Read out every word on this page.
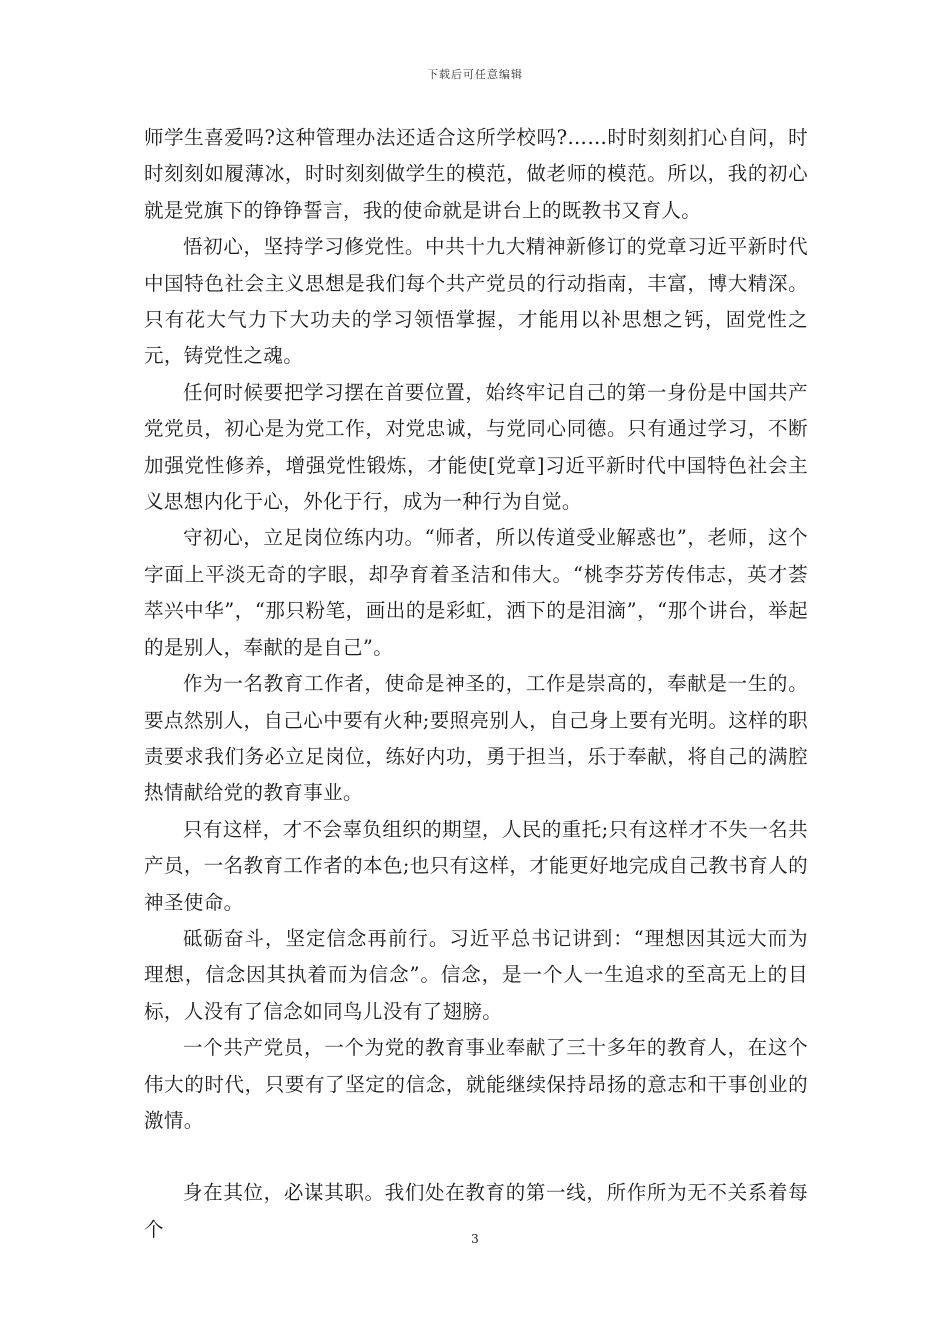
下载后可任意编辑

师学生喜爱吗?这种管理办法还适合这所学校吗?……时时刻刻扪心自问，时时刻刻如履薄冰，时时刻刻做学生的模范，做老师的模范。所以，我的初心就是党旗下的铮铮誓言，我的使命就是讲台上的既教书又育人。

悟初心，坚持学习修党性。中共十九大精神新修订的党章习近平新时代中国特色社会主义思想是我们每个共产党员的行动指南，丰富，博大精深。只有花大气力下大功夫的学习领悟掌握，才能用以补思想之钙，固党性之元，铸党性之魂。

任何时候要把学习摆在首要位置，始终牢记自己的第一身份是中国共产党党员，初心是为党工作，对党忠诚，与党同心同德。只有通过学习，不断加强党性修养，增强党性锻炼，才能使[党章]习近平新时代中国特色社会主义思想内化于心，外化于行，成为一种行为自觉。

守初心，立足岗位练内功。“师者，所以传道受业解惑也”，老师，这个字面上平淡无奇的字眼，却孕育着圣洁和伟大。“桃李芬芳传伟志，英才荟萃兴中华”，“那只粉笔，画出的是彩虹，洒下的是泪滴”，“那个讲台，举起的是别人，奉献的是自己”。

作为一名教育工作者，使命是神圣的，工作是崇高的，奉献是一生的。要点然别人，自己心中要有火种;要照亮别人，自己身上要有光明。这样的职责要求我们务必立足岗位，练好内功，勇于担当，乐于奉献，将自己的满腔热情献给党的教育事业。

只有这样，才不会辜负组织的期望，人民的重托;只有这样才不失一名共产员，一名教育工作者的本色;也只有这样，才能更好地完成自己教书育人的神圣使命。

砥砺奋斗，坚定信念再前行。习近平总书记讲到：“理想因其远大而为理想，信念因其执着而为信念”。信念，是一个人一生追求的至高无上的目标，人没有了信念如同鸟儿没有了翅膀。

一个共产党员，一个为党的教育事业奉献了三十多年的教育人，在这个伟大的时代，只要有了坚定的信念，就能继续保持昂扬的意志和干事创业的激情。

身在其位，必谋其职。我们处在教育的第一线，所作所为无不关系着每个	3
